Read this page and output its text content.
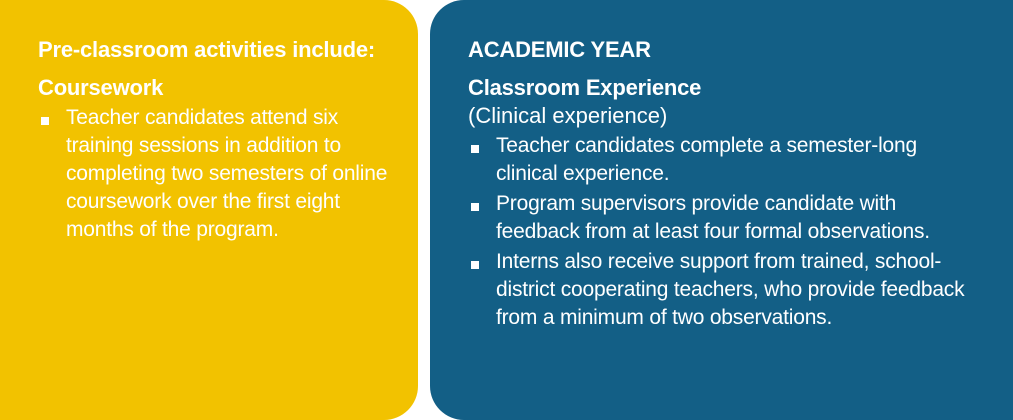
Pre-classroom activities include:
Coursework
Teacher candidates attend six training sessions in addition to completing two semesters of online coursework over the first eight months of the program.
ACADEMIC YEAR
Classroom Experience
(Clinical experience)
Teacher candidates complete a semester-long clinical experience.
Program supervisors provide candidate with feedback from at least four formal observations.
Interns also receive support from trained, school-district cooperating teachers, who provide feedback from a minimum of two observations.
